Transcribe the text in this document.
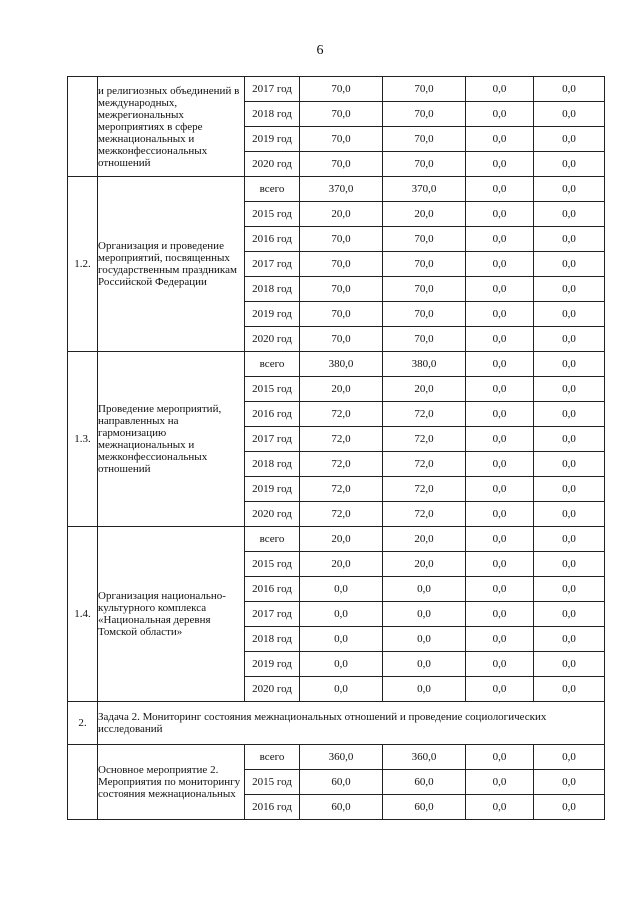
6
	и религиозных объединений в международных, межрегиональных мероприятиях в сфере межнациональных и межконфессиональных отношений	2017 год	70,0	70,0	0,0	0,0
		2018 год	70,0	70,0	0,0	0,0
		2019 год	70,0	70,0	0,0	0,0
		2020 год	70,0	70,0	0,0	0,0
1.2.	Организация и проведение мероприятий, посвященных государственным праздникам Российской Федерации	всего	370,0	370,0	0,0	0,0
		2015 год	20,0	20,0	0,0	0,0
		2016 год	70,0	70,0	0,0	0,0
		2017 год	70,0	70,0	0,0	0,0
		2018 год	70,0	70,0	0,0	0,0
		2019 год	70,0	70,0	0,0	0,0
		2020 год	70,0	70,0	0,0	0,0
1.3.	Проведение мероприятий, направленных на гармонизацию межнациональных и межконфессиональных отношений	всего	380,0	380,0	0,0	0,0
		2015 год	20,0	20,0	0,0	0,0
		2016 год	72,0	72,0	0,0	0,0
		2017 год	72,0	72,0	0,0	0,0
		2018 год	72,0	72,0	0,0	0,0
		2019 год	72,0	72,0	0,0	0,0
		2020 год	72,0	72,0	0,0	0,0
1.4.	Организация национально-культурного комплекса «Национальная деревня Томской области»	всего	20,0	20,0	0,0	0,0
		2015 год	20,0	20,0	0,0	0,0
		2016 год	0,0	0,0	0,0	0,0
		2017 год	0,0	0,0	0,0	0,0
		2018 год	0,0	0,0	0,0	0,0
		2019 год	0,0	0,0	0,0	0,0
		2020 год	0,0	0,0	0,0	0,0
2.	Задача 2. Мониторинг состояния межнациональных отношений и проведение социологических исследований					
	Основное мероприятие 2. Мероприятия по мониторингу состояния межнациональных	всего	360,0	360,0	0,0	0,0
		2015 год	60,0	60,0	0,0	0,0
		2016 год	60,0	60,0	0,0	0,0
